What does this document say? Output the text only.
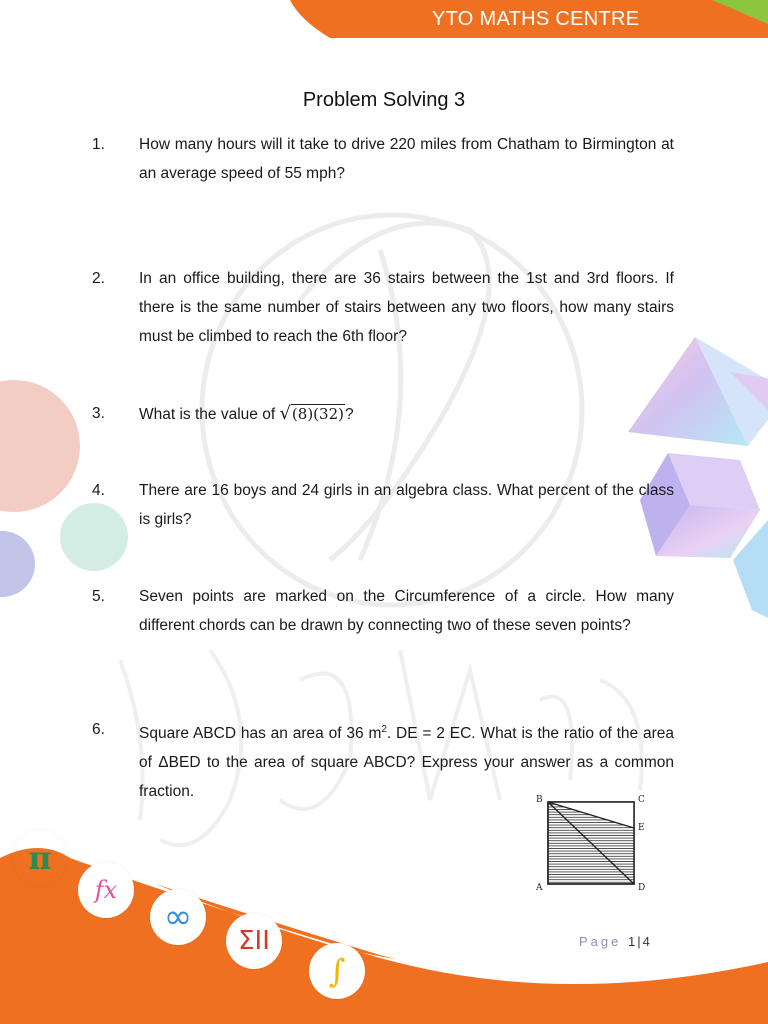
YTO MATHS CENTRE
Problem Solving 3
1.	How many hours will it take to drive 220 miles from Chatham to Birmington at an average speed of 55 mph?
2.	In an office building, there are 36 stairs between the 1st and 3rd floors. If there is the same number of stairs between any two floors, how many stairs must be climbed to reach the 6th floor?
3.	What is the value of √(8)(32)?
4.	There are 16 boys and 24 girls in an algebra class. What percent of the class is girls?
5.	Seven points are marked on the Circumference of a circle. How many different chords can be drawn by connecting two of these seven points?
6.	Square ABCD has an area of 36 $m^2$. DE = 2 EC. What is the ratio of the area of ΔBED to the area of square ABCD? Express your answer as a common fraction.
B	C
E
A	D
π
fx
∞
ΣII
∫
Page 1 | 4
